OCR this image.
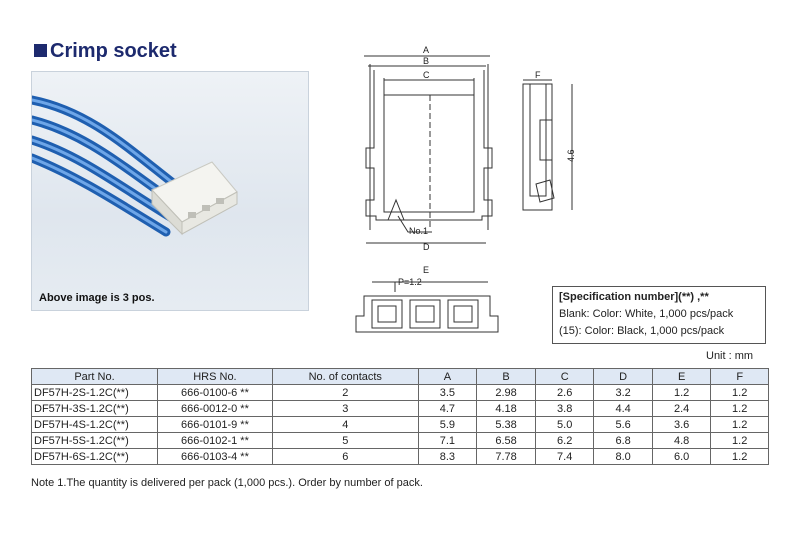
Crimp socket
Above image is 3 pos.
A
B
C
D
No.1
F
4.6
E
P=1.2
[Specification number](**) ,**
Blank: Color: White, 1,000 pcs/pack
(15): Color: Black, 1,000 pcs/pack
Unit : mm
Part No.	HRS No.	No. of contacts	A	B	C	D	E	F
DF57H-2S-1.2C(**)	666-0100-6 **	2	3.5	2.98	2.6	3.2	1.2	1.2
DF57H-3S-1.2C(**)	666-0012-0 **	3	4.7	4.18	3.8	4.4	2.4	1.2
DF57H-4S-1.2C(**)	666-0101-9 **	4	5.9	5.38	5.0	5.6	3.6	1.2
DF57H-5S-1.2C(**)	666-0102-1 **	5	7.1	6.58	6.2	6.8	4.8	1.2
DF57H-6S-1.2C(**)	666-0103-4 **	6	8.3	7.78	7.4	8.0	6.0	1.2
Note 1.The quantity is delivered per pack (1,000 pcs.). Order by number of pack.
